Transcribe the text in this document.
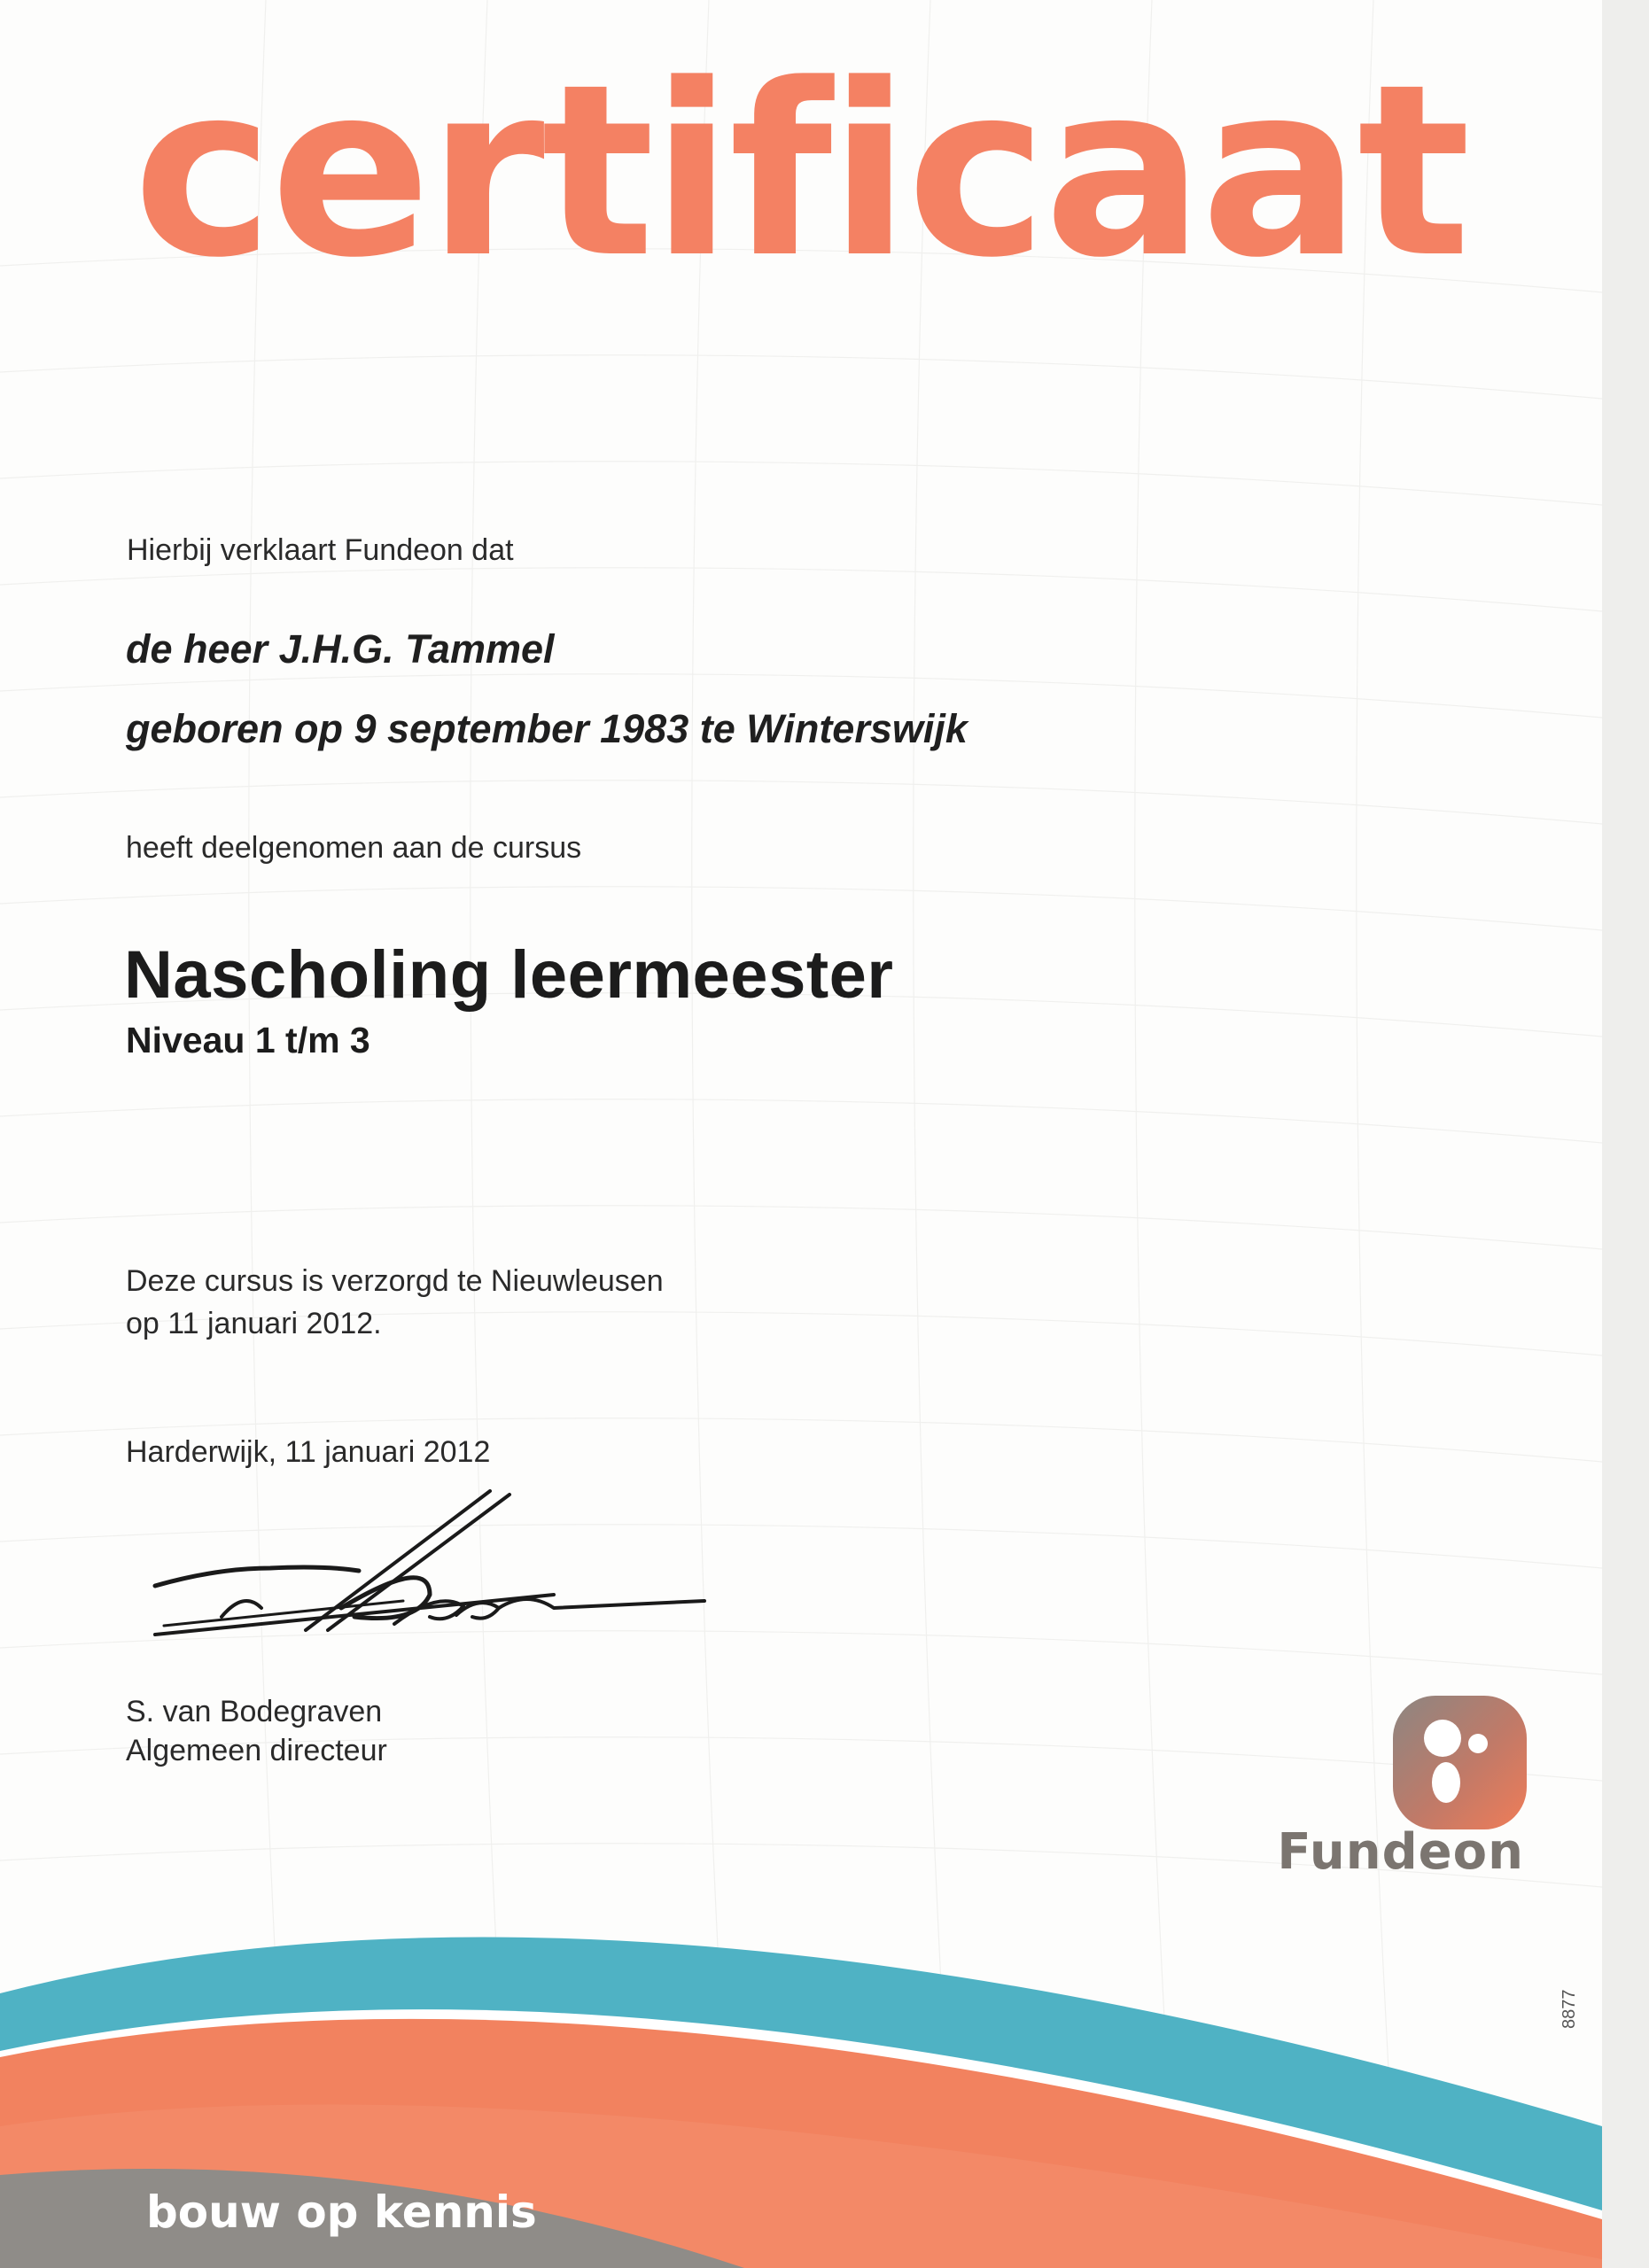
certificaat
Hierbij verklaart Fundeon dat
de heer J.H.G. Tammel
geboren op 9 september 1983 te Winterswijk
heeft deelgenomen aan de cursus
Nascholing leermeester
Niveau 1 t/m 3
Deze cursus is verzorgd te Nieuwleusen
op 11 januari 2012.
Harderwijk, 11 januari 2012
S. van Bodegraven
Algemeen directeur
Fundeon
bouw op kennis
8877
